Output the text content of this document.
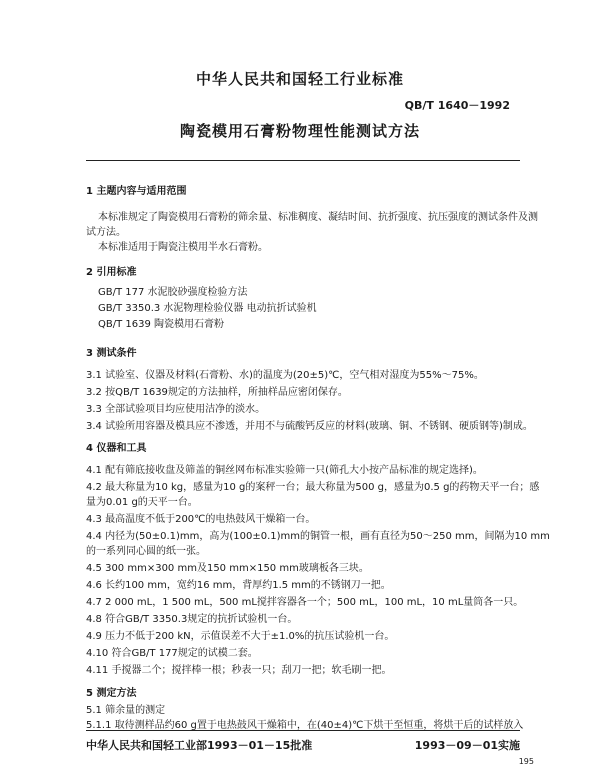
中华人民共和国轻工行业标准
QB/T 1640－1992
陶瓷模用石膏粉物理性能测试方法
1 主题内容与适用范围
本标准规定了陶瓷模用石膏粉的筛余量、标准稠度、凝结时间、抗折强度、抗压强度的测试条件及测
试方法。
本标准适用于陶瓷注模用半水石膏粉。
2 引用标准
GB/T 177 水泥胶砂强度检验方法
GB/T 3350.3 水泥物理检验仪器 电动抗折试验机
QB/T 1639 陶瓷模用石膏粉
3 测试条件
3.1 试验室、仪器及材料(石膏粉、水)的温度为(20±5)℃，空气相对湿度为55%～75%。
3.2 按QB/T 1639规定的方法抽样，所抽样品应密闭保存。
3.3 全部试验项目均应使用洁净的淡水。
3.4 试验所用容器及模具应不渗透，并用不与硫酸钙反应的材料(玻璃、铜、不锈钢、硬质钢等)制成。
4 仪器和工具
4.1 配有筛底接收盘及筛盖的铜丝网布标准实验筛一只(筛孔大小按产品标准的规定选择)。
4.2 最大称量为10 kg，感量为10 g的案秤一台；最大称量为500 g，感量为0.5 g的药物天平一台；感
量为0.01 g的天平一台。
4.3 最高温度不低于200℃的电热鼓风干燥箱一台。
4.4 内径为(50±0.1)mm，高为(100±0.1)mm的铜管一根，画有直径为50～250 mm，间隔为10 mm
的一系列同心圆的纸一张。
4.5 300 mm×300 mm及150 mm×150 mm玻璃板各三块。
4.6 长约100 mm，宽约16 mm，背厚约1.5 mm的不锈钢刀一把。
4.7 2 000 mL，1 500 mL，500 mL搅拌容器各一个；500 mL，100 mL，10 mL量筒各一只。
4.8 符合GB/T 3350.3规定的抗折试验机一台。
4.9 压力不低于200 kN，示值误差不大于±1.0%的抗压试验机一台。
4.10 符合GB/T 177规定的试模二套。
4.11 手搅器二个；搅拌棒一根；秒表一只；刮刀一把；软毛刷一把。
5 测定方法
5.1 筛余量的测定
5.1.1 取待测样品约60 g置于电热鼓风干燥箱中，在(40±4)℃下烘干至恒重，将烘干后的试样放入
中华人民共和国轻工业部1993－01－15批准	1993－09－01实施
195
